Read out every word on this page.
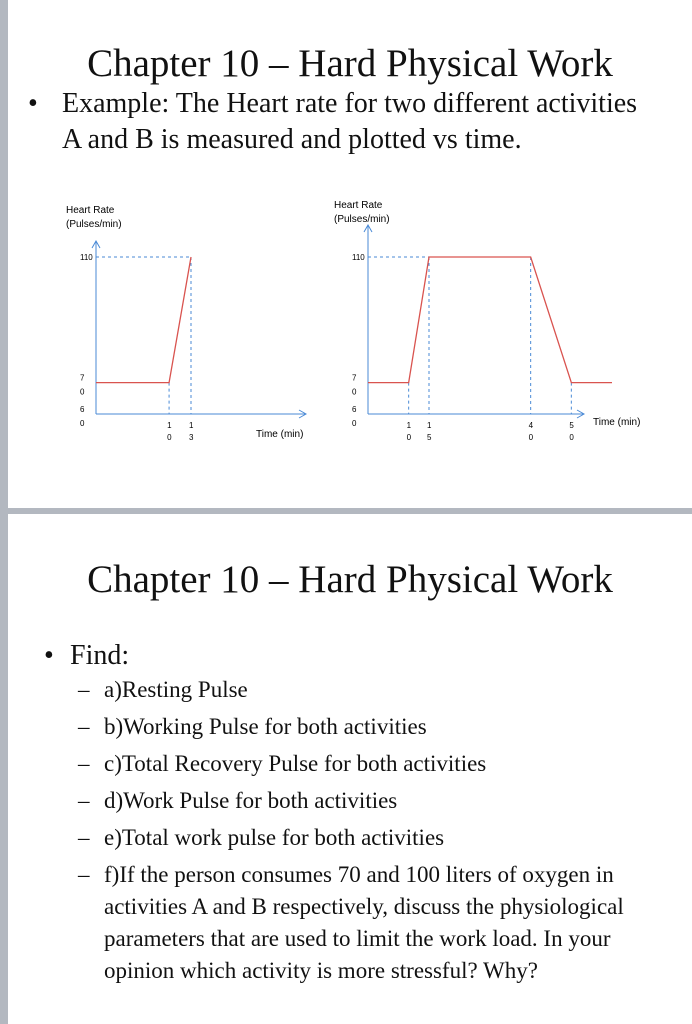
Chapter 10 – Hard Physical Work
• Example: The Heart rate for two different activities A and B is measured and plotted vs time.
Heart Rate
(Pulses/min)
Time (min)
6
0
7
0
110
1
0
1
3
Heart Rate
(Pulses/min)
Time (min)
6
0
7
0
110
1
0
1
5
4
0
5
0
Chapter 10 – Hard Physical Work
• Find:
– a)Resting Pulse
– b)Working Pulse for both activities
– c)Total Recovery Pulse for both activities
– d)Work Pulse for both activities
– e)Total work pulse for both activities
– f)If the person consumes 70 and 100 liters of oxygen in activities A and B respectively, discuss the physiological parameters that are used to limit the work load. In your opinion which activity is more stressful? Why?
